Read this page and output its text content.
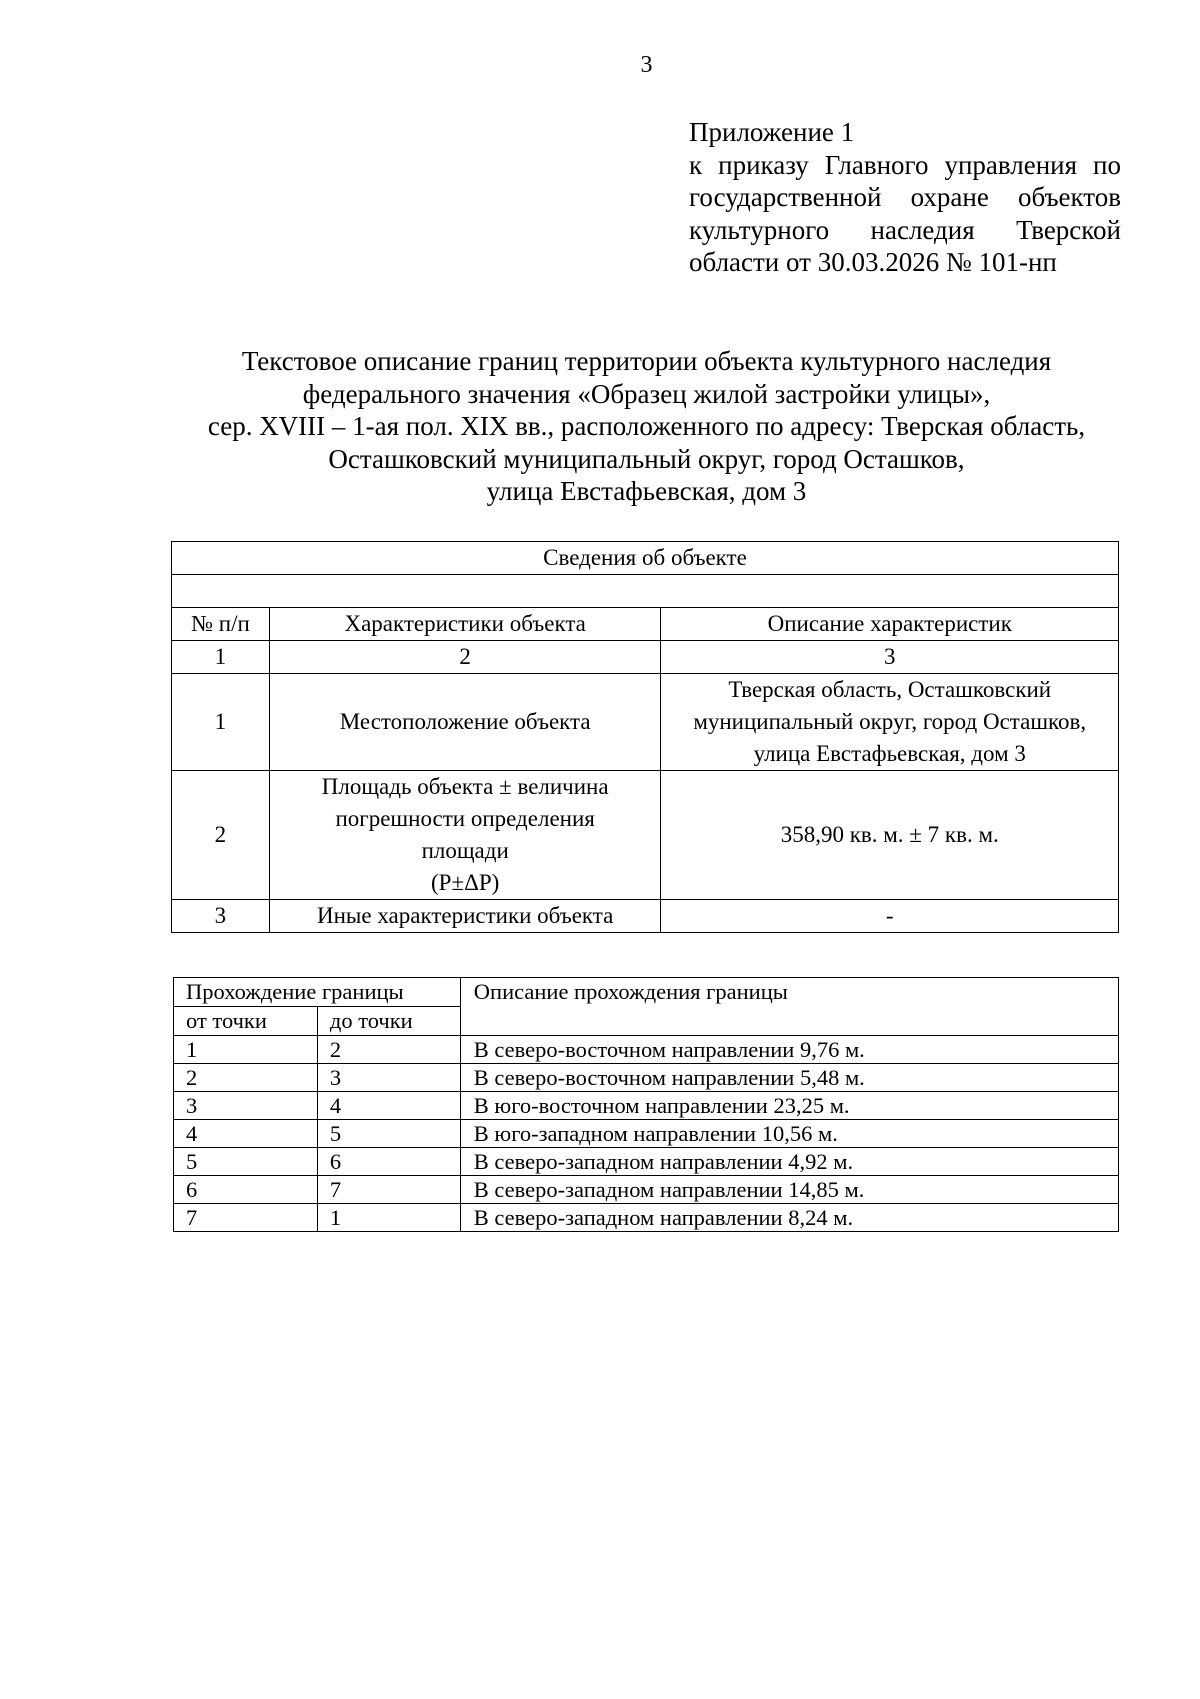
3
Приложение 1
к приказу Главного управления по
государственной охране объектов
культурного наследия Тверской
области от 30.03.2026 № 101-нп
Текстовое описание границ территории объекта культурного наследия
федерального значения «Образец жилой застройки улицы»,
сер. XVIII – 1-ая пол. XIX вв., расположенного по адресу: Тверская область,
Осташковский муниципальный округ, город Осташков,
улица Евстафьевская, дом 3
Сведения об объекте		

№ п/п	Характеристики объекта	Описание характеристик
1	2	3
1	Местоположение объекта	Тверская область, Осташковский
муниципальный округ, город Осташков,
улица Евстафьевская, дом 3

2	Площадь объекта ± величина
погрешности определения
площади
(P±ΔP)	358,90 кв. м. ± 7 кв. м.

3	Иные характеристики объекта	-
Прохождение границы		Описание прохождения границы
от точки	до точки	
1	2	В северо-восточном направлении 9,76 м.
2	3	В северо-восточном направлении 5,48 м.
3	4	В юго-восточном направлении 23,25 м.
4	5	В юго-западном направлении 10,56 м.
5	6	В северо-западном направлении 4,92 м.
6	7	В северо-западном направлении 14,85 м.
7	1	В северо-западном направлении 8,24 м.
